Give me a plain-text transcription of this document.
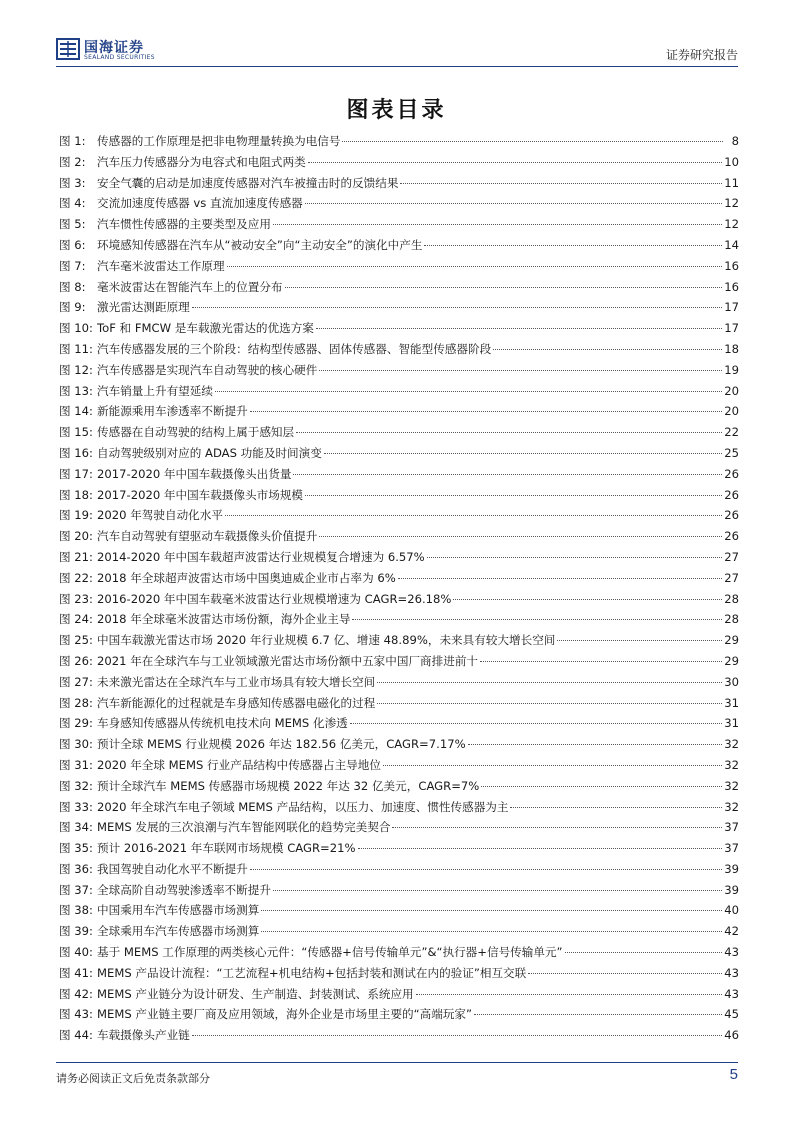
国海证券
SEALAND SECURITIES	证券研究报告
图表目录
图 1: 传感器的工作原理是把非电物理量转换为电信号	8
图 2: 汽车压力传感器分为电容式和电阻式两类	10
图 3: 安全气囊的启动是加速度传感器对汽车被撞击时的反馈结果	11
图 4: 交流加速度传感器 vs 直流加速度传感器	12
图 5: 汽车惯性传感器的主要类型及应用	12
图 6: 环境感知传感器在汽车从“被动安全”向“主动安全”的演化中产生	14
图 7: 汽车毫米波雷达工作原理	16
图 8: 毫米波雷达在智能汽车上的位置分布	16
图 9: 激光雷达测距原理	17
图 10: ToF 和 FMCW 是车载激光雷达的优选方案	17
图 11: 汽车传感器发展的三个阶段：结构型传感器、固体传感器、智能型传感器阶段	18
图 12: 汽车传感器是实现汽车自动驾驶的核心硬件	19
图 13: 汽车销量上升有望延续	20
图 14: 新能源乘用车渗透率不断提升	20
图 15: 传感器在自动驾驶的结构上属于感知层	22
图 16: 自动驾驶级别对应的 ADAS 功能及时间演变	25
图 17: 2017-2020 年中国车载摄像头出货量	26
图 18: 2017-2020 年中国车载摄像头市场规模	26
图 19: 2020 年驾驶自动化水平	26
图 20: 汽车自动驾驶有望驱动车载摄像头价值提升	26
图 21: 2014-2020 年中国车载超声波雷达行业规模复合增速为 6.57%	27
图 22: 2018 年全球超声波雷达市场中国奥迪威企业市占率为 6%	27
图 23: 2016-2020 年中国车载毫米波雷达行业规模增速为 CAGR=26.18%	28
图 24: 2018 年全球毫米波雷达市场份额，海外企业主导	28
图 25: 中国车载激光雷达市场 2020 年行业规模 6.7 亿、增速 48.89%，未来具有较大增长空间	29
图 26: 2021 年在全球汽车与工业领域激光雷达市场份额中五家中国厂商排进前十	29
图 27: 未来激光雷达在全球汽车与工业市场具有较大增长空间	30
图 28: 汽车新能源化的过程就是车身感知传感器电磁化的过程	31
图 29: 车身感知传感器从传统机电技术向 MEMS 化渗透	31
图 30: 预计全球 MEMS 行业规模 2026 年达 182.56 亿美元，CAGR=7.17%	32
图 31: 2020 年全球 MEMS 行业产品结构中传感器占主导地位	32
图 32: 预计全球汽车 MEMS 传感器市场规模 2022 年达 32 亿美元，CAGR=7%	32
图 33: 2020 年全球汽车电子领域 MEMS 产品结构，以压力、加速度、惯性传感器为主	32
图 34: MEMS 发展的三次浪潮与汽车智能网联化的趋势完美契合	37
图 35: 预计 2016-2021 年车联网市场规模 CAGR=21%	37
图 36: 我国驾驶自动化水平不断提升	39
图 37: 全球高阶自动驾驶渗透率不断提升	39
图 38: 中国乘用车汽车传感器市场测算	40
图 39: 全球乘用车汽车传感器市场测算	42
图 40: 基于 MEMS 工作原理的两类核心元件：“传感器+信号传输单元”&“执行器+信号传输单元”	43
图 41: MEMS 产品设计流程：“工艺流程+机电结构+包括封装和测试在内的验证”相互交联	43
图 42: MEMS 产业链分为设计研发、生产制造、封装测试、系统应用	43
图 43: MEMS 产业链主要厂商及应用领域，海外企业是市场里主要的“高端玩家”	45
图 44: 车载摄像头产业链	46
请务必阅读正文后免责条款部分	5
